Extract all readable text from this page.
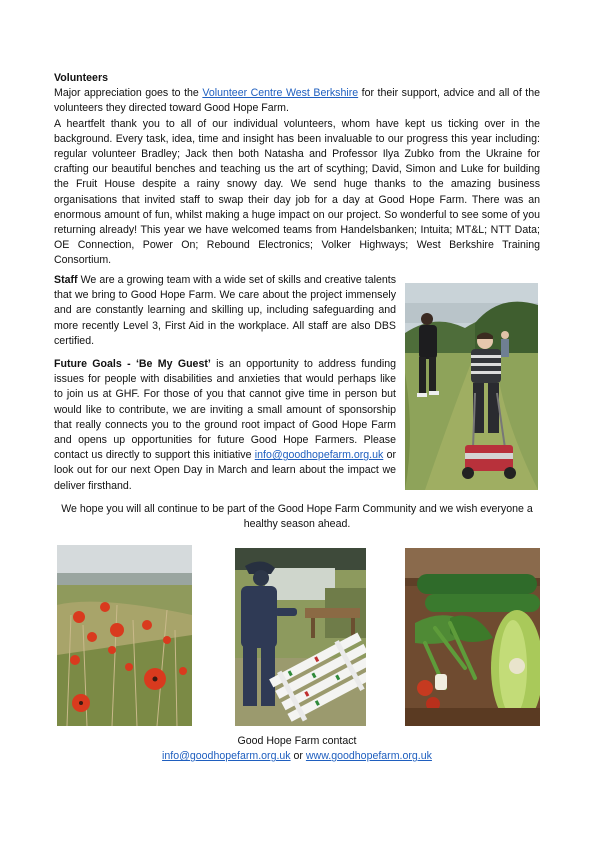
Volunteers

Major appreciation goes to the Volunteer Centre West Berkshire for their support, advice and all of the volunteers they directed toward Good Hope Farm.

A heartfelt thank you to all of our individual volunteers, whom have kept us ticking over in the background. Every task, idea, time and insight has been invaluable to our progress this year including: regular volunteer Bradley; Jack then both Natasha and Professor Ilya Zubko from the Ukraine for crafting our beautiful benches and teaching us the art of scything; David, Simon and Luke for building the Fruit House despite a rainy snowy day. We send huge thanks to the amazing business organisations that invited staff to swap their day job for a day at Good Hope Farm. There was an enormous amount of fun, whilst making a huge impact on our project. So wonderful to see some of you returning already! This year we have welcomed teams from Handelsbanken; Intuita; MT&L; NTT Data; OE Connection, Power On; Rebound Electronics; Volker Highways; West Berkshire Training Consortium.

Staff We are a growing team with a wide set of skills and creative talents that we bring to Good Hope Farm. We care about the project immensely and are constantly learning and skilling up, including safeguarding and more recently Level 3, First Aid in the workplace. All staff are also DBS certified.

Future Goals - ‘Be My Guest’ is an opportunity to address funding issues for people with disabilities and anxieties that would perhaps like to join us at GHF. For those of you that cannot give time in person but would like to contribute, we are inviting a small amount of sponsorship that really connects you to the ground root impact of Good Hope Farm and opens up opportunities for future Good Hope Farmers. Please contact us directly to support this initiative info@goodhopefarm.org.uk or look out for our next Open Day in March and learn about the impact we deliver firsthand.

We hope you will all continue to be part of the Good Hope Farm Community and we wish everyone a healthy season ahead.

Good Hope Farm contact

info@goodhopefarm.org.uk or www.goodhopefarm.org.uk
